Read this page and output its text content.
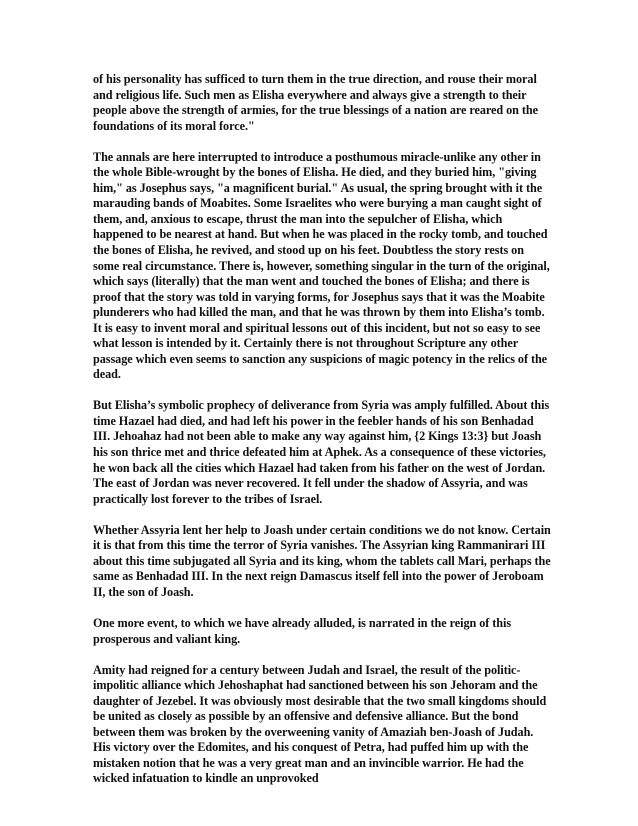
of his personality has sufficed to turn them in the true direction, and rouse their moral and religious life. Such men as Elisha everywhere and always give a strength to their people above the strength of armies, for the true blessings of a nation are reared on the foundations of its moral force."

The annals are here interrupted to introduce a posthumous miracle-unlike any other in the whole Bible-wrought by the bones of Elisha. He died, and they buried him, "giving him," as Josephus says, "a magnificent burial." As usual, the spring brought with it the marauding bands of Moabites. Some Israelites who were burying a man caught sight of them, and, anxious to escape, thrust the man into the sepulcher of Elisha, which happened to be nearest at hand. But when he was placed in the rocky tomb, and touched the bones of Elisha, he revived, and stood up on his feet. Doubtless the story rests on some real circumstance. There is, however, something singular in the turn of the original, which says (literally) that the man went and touched the bones of Elisha; and there is proof that the story was told in varying forms, for Josephus says that it was the Moabite plunderers who had killed the man, and that he was thrown by them into Elisha’s tomb. It is easy to invent moral and spiritual lessons out of this incident, but not so easy to see what lesson is intended by it. Certainly there is not throughout Scripture any other passage which even seems to sanction any suspicions of magic potency in the relics of the dead.

But Elisha’s symbolic prophecy of deliverance from Syria was amply fulfilled. About this time Hazael had died, and had left his power in the feebler hands of his son Benhadad III. Jehoahaz had not been able to make any way against him, {2 Kings 13:3} but Joash his son thrice met and thrice defeated him at Aphek. As a consequence of these victories, he won back all the cities which Hazael had taken from his father on the west of Jordan. The east of Jordan was never recovered. It fell under the shadow of Assyria, and was practically lost forever to the tribes of Israel.

Whether Assyria lent her help to Joash under certain conditions we do not know. Certain it is that from this time the terror of Syria vanishes. The Assyrian king Rammanirari III about this time subjugated all Syria and its king, whom the tablets call Mari, perhaps the same as Benhadad III. In the next reign Damascus itself fell into the power of Jeroboam II, the son of Joash.

One more event, to which we have already alluded, is narrated in the reign of this prosperous and valiant king.

Amity had reigned for a century between Judah and Israel, the result of the politic-impolitic alliance which Jehoshaphat had sanctioned between his son Jehoram and the daughter of Jezebel. It was obviously most desirable that the two small kingdoms should be united as closely as possible by an offensive and defensive alliance. But the bond between them was broken by the overweening vanity of Amaziah ben-Joash of Judah. His victory over the Edomites, and his conquest of Petra, had puffed him up with the mistaken notion that he was a very great man and an invincible warrior. He had the wicked infatuation to kindle an unprovoked
